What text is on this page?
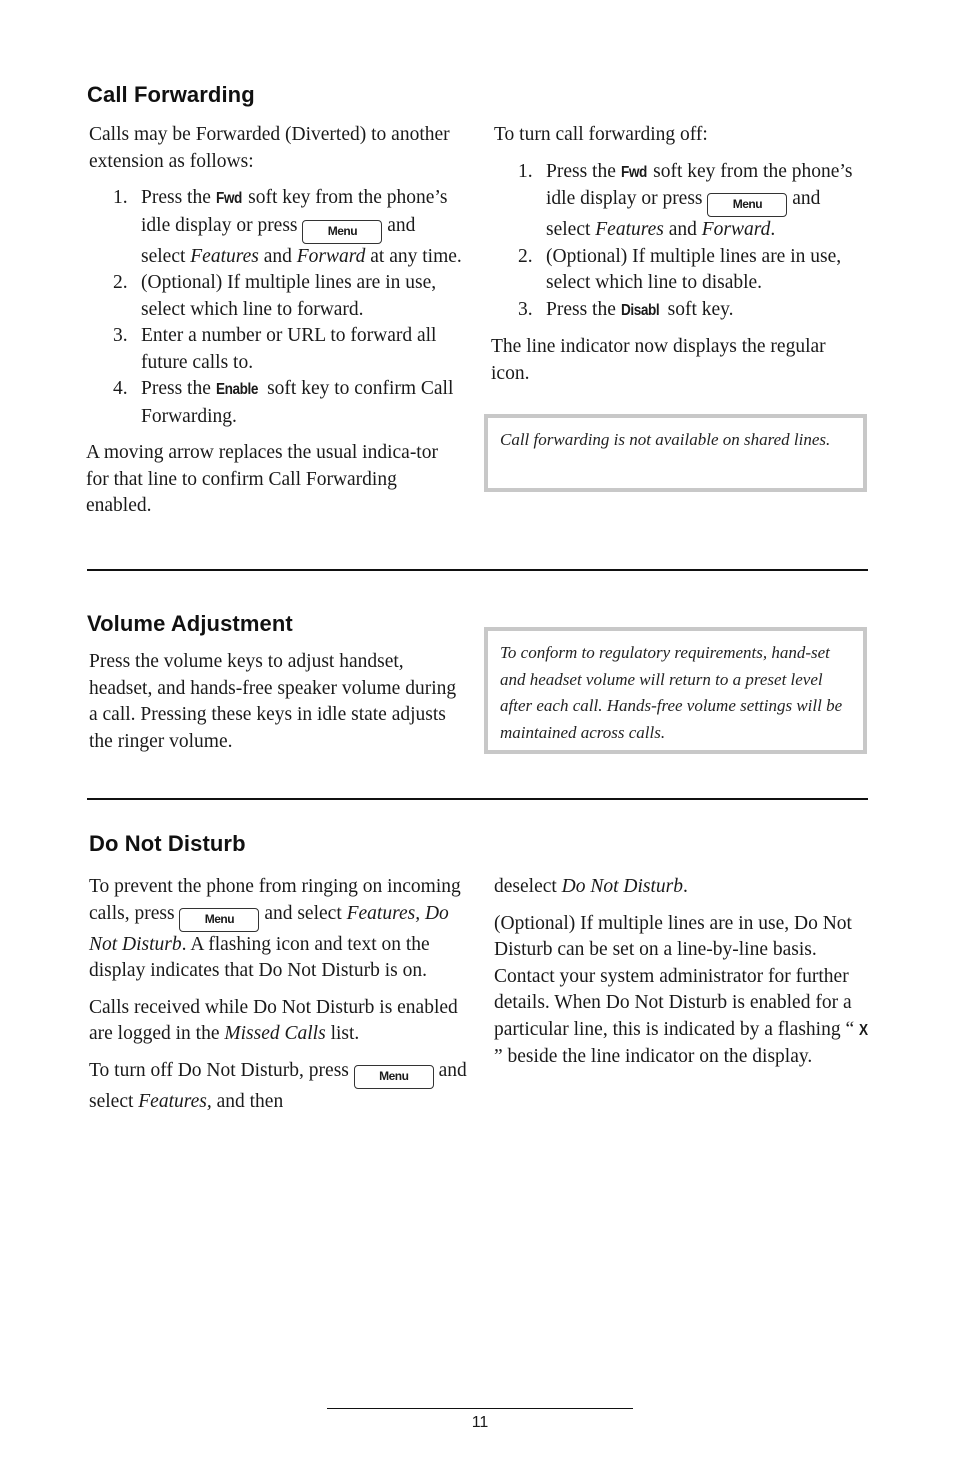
Call Forwarding

Calls may be Forwarded (Diverted) to another extension as follows:

1. Press the Fwd soft key from the phone’s idle display or press Menu and select Features and Forward at any time.
2. (Optional) If multiple lines are in use, select which line to forward.
3. Enter a number or URL to forward all future calls to.
4. Press the Enable soft key to confirm Call Forwarding.

A moving arrow replaces the usual indica-tor for that line to confirm Call Forwarding enabled.

To turn call forwarding off:

1. Press the Fwd soft key from the phone’s idle display or press Menu and select Features and Forward.
2. (Optional) If multiple lines are in use, select which line to disable.
3. Press the Disabl soft key.

The line indicator now displays the regular icon.

Call forwarding is not available on shared lines.
Volume Adjustment

Press the volume keys to adjust handset, headset, and hands-free speaker volume during a call. Pressing these keys in idle state adjusts the ringer volume.

To conform to regulatory requirements, hand-set and headset volume will return to a preset level after each call. Hands-free volume settings will be maintained across calls.
Do Not Disturb

To prevent the phone from ringing on incoming calls, press Menu and select Features, Do Not Disturb. A flashing icon and text on the display indicates that Do Not Disturb is on.

Calls received while Do Not Disturb is enabled are logged in the Missed Calls list.

To turn off Do Not Disturb, press Menu and select Features, and then

deselect Do Not Disturb.

(Optional) If multiple lines are in use, Do Not Disturb can be set on a line-by-line basis. Contact your system administrator for further details. When Do Not Disturb is enabled for a particular line, this is indicated by a flashing “ X ” beside the line indicator on the display.

11
